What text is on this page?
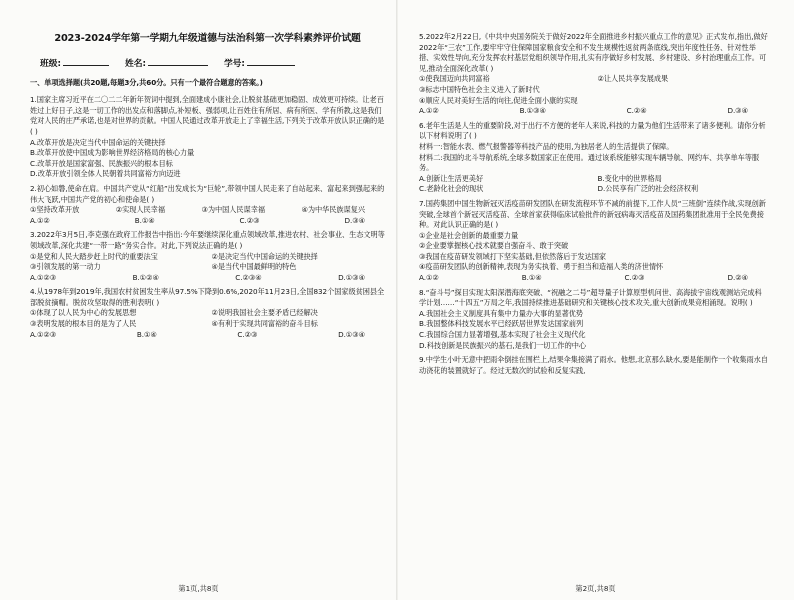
2023-2024学年第一学期九年级道德与法治科第一次学科素养评价试题
班级:	姓名:	学号:
一、单项选择题(共20题,每题3分,共60分。只有一个最符合题意的答案。)
1.国家主席习近平在二〇二二年新年贺词中提到,全面建成小康社会,让脱贫基础更加稳固、成效更可持续。让老百姓过上好日子,这是一切工作的出发点和落脚点,补短板、强弱项,让百姓住有所居、病有所医、学有所教,这是我们党对人民的庄严承诺,也是对世界的贡献。中国人民通过改革开放走上了幸福生活,下列关于改革开放认识正确的是( )
A.改革开放是决定当代中国命运的关键抉择
B.改革开放使中国成为影响世界经济格局的核心力量
C.改革开放是国家富强、民族振兴的根本目标
D.改革开放引领全体人民朝着共同富裕方向迈进
2.初心如磐,使命在肩。中国共产党从“红船”出发成长为“巨轮”,带领中国人民走来了自站起来、富起来到强起来的伟大飞跃,中国共产党的初心和使命是( )
①坚持改革开放	②实现人民幸福	③为中国人民谋幸福	④为中华民族谋复兴
A.①②	B.①④	C.②③	D.③④
3.2022年3月5日,李克强在政府工作报告中指出:今年要继续深化重点领域改革,推进农村、社会事业、生态文明等领域改革,深化共建“一带一路”务实合作。对此,下列说法正确的是( )
①是党和人民大踏步赶上时代的重要法宝	②是决定当代中国命运的关键抉择
③引领发展的第一动力	④是当代中国最鲜明的特色
A.①②③	B.①②④	C.②③④	D.①③④
4.从1978年到2019年,我国农村贫困发生率从97.5%下降到0.6%,2020年11月23日,全国832个国家级贫困县全部脱贫摘帽。脱贫攻坚取得的胜利表明( )
①体现了以人民为中心的发展思想	②说明我国社会主要矛盾已经解决
③表明发展的根本目的是为了人民	④有利于实现共同富裕的奋斗目标
A.①②③	B.①④	C.②③	D.①③④
第1页,共8页
5.2022年2月22日,《中共中央国务院关于做好2022年全面推进乡村振兴重点工作的意见》正式发布,指出,做好2022年“三农”工作,要牢牢守住保障国家粮食安全和不发生规模性返贫两条底线,突出年度性任务、针对性举措、实效性导向,充分发挥农村基层党组织领导作用,扎实有序做好乡村发展、乡村建设、乡村治理重点工作。可见,推动全面深化改革( )
①使我国迈向共同富裕	②让人民共享发展成果
③标志中国特色社会主义进入了新时代
④顺应人民对美好生活的向往,促进全面小康的实现
A.①②	B.①③④	C.②④	D.③④
6.老年生活是人生的重要阶段,对于出行不方便的老年人来说,科技的力量为他们生活带来了诸多便利。请你分析以下材料说明了( )
材料一:智能水表、燃气报警器等科技产品的使用,为独居老人的生活提供了保障。
材料二:我国的北斗导航系统,全球多数国家正在使用。通过该系统能够实现车辆导航、网约车、共享单车等服务。
A.创新让生活更美好	B.变化中的世界格局
C.老龄化社会的现状	D.公民享有广泛的社会经济权利
7.国药集团中国生物新冠灭活疫苗研发团队在研发流程环节不减的前提下,工作人员“三班倒”连续作战,实现创新突破,全球首个新冠灭活疫苗、全球首家获得临床试验批件的新冠病毒灭活疫苗及国药集团批准用于全民免费接种。对此认识正确的是( )
①企业是社会创新的最重要力量
②企业要掌握核心技术就要自强奋斗、敢于突破
③我国在疫苗研发领域打下坚实基础,但依然落后于发达国家
④疫苗研发团队的创新精神,表现为务实执着、勇于担当和造福人类的济世情怀
A.①②	B.①④	C.②③	D.②④
8.“奋斗号”探目实现太阳深潜海底突破、“祝融之二号”超导量子计算原型机问世、高海拔宇宙线观测站完成科学计划……“十四五”万局之年,我国持续推进基础研究和关键核心技术攻关,重大创新成果竞相涌现。说明( )
A.我国社会主义制度具有集中力量办大事的显著优势
B.我国整体科技发展水平已经跃居世界发达国家前列
C.我国综合国力显著增强,基本实现了社会主义现代化
D.科技创新是民族振兴的基石,是我们一切工作的中心
9.中学生小叶无意中把雨伞倒挂在围栏上,结果伞集接满了雨水。他想,北京那么缺水,要是能制作一个收集雨水自动浇花的装置就好了。经过无数次的试验和反复实践,
第2页,共8页
